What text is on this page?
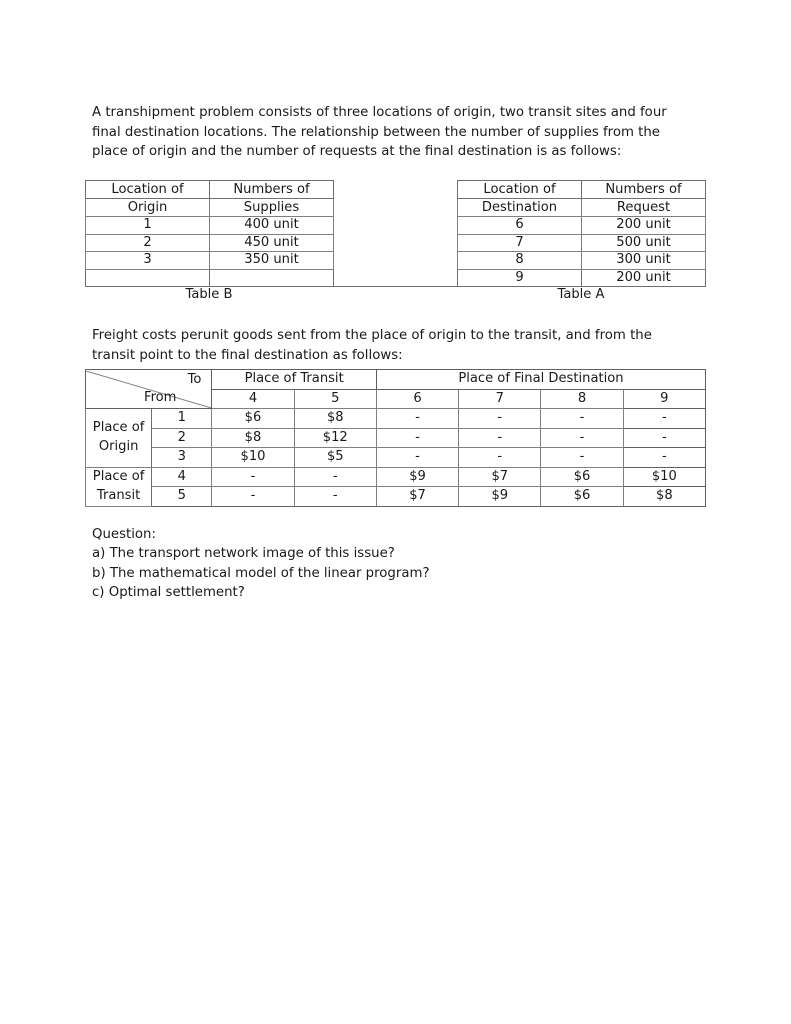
A transhipment problem consists of three locations of origin, two transit sites and four final destination locations. The relationship between the number of supplies from the place of origin and the number of requests at the final destination is as follows:

Location of	Numbers of		Location of	Numbers of
Origin	Supplies		Destination	Request
1	400 unit		6	200 unit
2	450 unit		7	500 unit
3	350 unit		8	300 unit
			9	200 unit
Table B	Table A

Freight costs perunit goods sent from the place of origin to the transit, and from the transit point to the final destination as follows:

To
From		Place of Transit		Place of Final Destination			
		4	5	6	7	8	9

Place of
Origin	1	$6	$8	-	-	-	-
	2	$8	$12	-	-	-	-
	3	$10	$5	-	-	-	-

Place of
Transit	4	-	-	$9	$7	$6	$10
	5	-	-	$7	$9	$6	$8
Question:
a) The transport network image of this issue?
b) The mathematical model of the linear program?
c) Optimal settlement?
